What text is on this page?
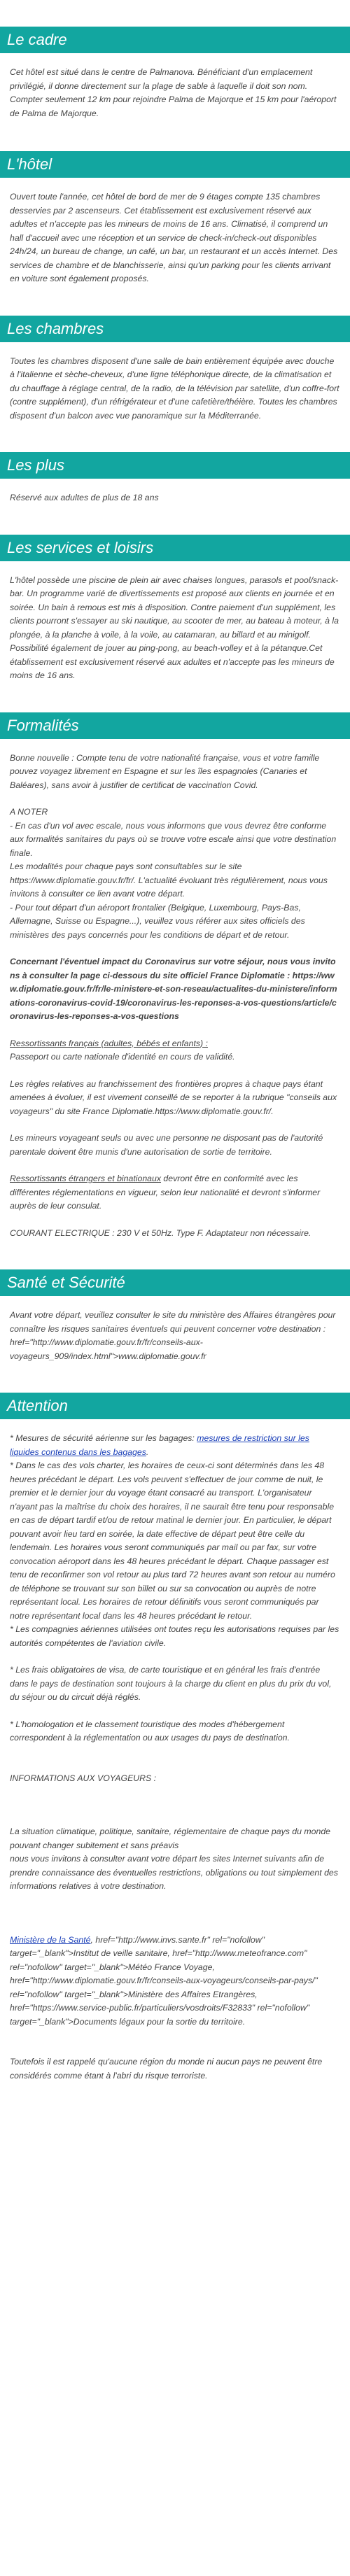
Le cadre

Cet hôtel est situé dans le centre de Palmanova. Bénéficiant d'un emplacement privilégié, il donne directement sur la plage de sable à laquelle il doit son nom. Compter seulement 12 km pour rejoindre Palma de Majorque et 15 km pour l'aéroport de Palma de Majorque.

L'hôtel

Ouvert toute l'année, cet hôtel de bord de mer de 9 étages compte 135 chambres desservies par 2 ascenseurs. Cet établissement est exclusivement réservé aux adultes et n'accepte pas les mineurs de moins de 16 ans. Climatisé, il comprend un hall d'accueil avec une réception et un service de check-in/check-out disponibles 24h/24, un bureau de change, un café, un bar, un restaurant et un accès Internet. Des services de chambre et de blanchisserie, ainsi qu'un parking pour les clients arrivant en voiture sont également proposés.

Les chambres

Toutes les chambres disposent d'une salle de bain entièrement équipée avec douche à l'italienne et sèche-cheveux, d'une ligne téléphonique directe, de la climatisation et du chauffage à réglage central, de la radio, de la télévision par satellite, d'un coffre-fort (contre supplément), d'un réfrigérateur et d'une cafetière/théière. Toutes les chambres disposent d'un balcon avec vue panoramique sur la Méditerranée.

Les plus

Réservé aux adultes de plus de 18 ans

Les services et loisirs

L'hôtel possède une piscine de plein air avec chaises longues, parasols et pool/snack-bar. Un programme varié de divertissements est proposé aux clients en journée et en soirée. Un bain à remous est mis à disposition. Contre paiement d'un supplément, les clients pourront s'essayer au ski nautique, au scooter de mer, au bateau à moteur, à la plongée, à la planche à voile, à la voile, au catamaran, au billard et au minigolf. Possibilité également de jouer au ping-pong, au beach-volley et à la pétanque.Cet établissement est exclusivement réservé aux adultes et n'accepte pas les mineurs de moins de 16 ans.

Formalités

Bonne nouvelle : Compte tenu de votre nationalité française, vous et votre famille pouvez voyagez librement en Espagne et sur les îles espagnoles (Canaries et Baléares), sans avoir à justifier de certificat de vaccination Covid.

A NOTER

- En cas d'un vol avec escale, nous vous informons que vous devrez être conforme aux formalités sanitaires du pays où se trouve votre escale ainsi que votre destination finale.
Les modalités pour chaque pays sont consultables sur le site https://www.diplomatie.gouv.fr/fr/. L'actualité évoluant très régulièrement, nous vous invitons à consulter ce lien avant votre départ.
- Pour tout départ d'un aéroport frontalier (Belgique, Luxembourg, Pays-Bas, Allemagne, Suisse ou Espagne...), veuillez vous référer aux sites officiels des ministères des pays concernés pour les conditions de départ et de retour.

Concernant l'éventuel impact du Coronavirus sur votre séjour, nous vous invitons à consulter la page ci-dessous du site officiel France Diplomatie : https://www.diplomatie.gouv.fr/fr/le-ministere-et-son-reseau/actualites-du-ministere/informations-coronavirus-covid-19/coronavirus-les-reponses-a-vos-questions/article/coronavirus-les-reponses-a-vos-questions

Ressortissants français (adultes, bébés et enfants) :

Passeport ou carte nationale d'identité en cours de validité.

Les règles relatives au franchissement des frontières propres à chaque pays étant amenées à évoluer, il est vivement conseillé de se reporter à la rubrique "conseils aux voyageurs" du site France Diplomatie.https://www.diplomatie.gouv.fr/.

Les mineurs voyageant seuls ou avec une personne ne disposant pas de l'autorité parentale doivent être munis d'une autorisation de sortie de territoire.

Ressortissants étrangers et binationaux devront être en conformité avec les différentes réglementations en vigueur, selon leur nationalité et devront s'informer auprès de leur consulat.

COURANT ELECTRIQUE : 230 V et 50Hz. Type F. Adaptateur non nécessaire.

Santé et Sécurité

Avant votre départ, veuillez consulter le site du ministère des Affaires étrangères pour connaître les risques sanitaires éventuels qui peuvent concerner votre destination : href="http://www.diplomatie.gouv.fr/fr/conseils-aux-voyageurs_909/index.html">www.diplomatie.gouv.fr

Attention

* Mesures de sécurité aérienne sur les bagages: mesures de restriction sur les liquides contenus dans les bagages.

* Dans le cas des vols charter, les horaires de ceux-ci sont déterminés dans les 48 heures précédant le départ. Les vols peuvent s'effectuer de jour comme de nuit, le premier et le dernier jour du voyage étant consacré au transport. L'organisateur n'ayant pas la maîtrise du choix des horaires, il ne saurait être tenu pour responsable en cas de départ tardif et/ou de retour matinal le dernier jour. En particulier, le départ pouvant avoir lieu tard en soirée, la date effective de départ peut être celle du lendemain. Les horaires vous seront communiqués par mail ou par fax, sur votre convocation aéroport dans les 48 heures précédant le départ. Chaque passager est tenu de reconfirmer son vol retour au plus tard 72 heures avant son retour au numéro de téléphone se trouvant sur son billet ou sur sa convocation ou auprès de notre représentant local. Les horaires de retour définitifs vous seront communiqués par notre représentant local dans les 48 heures précédant le retour.
* Les compagnies aériennes utilisées ont toutes reçu les autorisations requises par les autorités compétentes de l'aviation civile.

* Les frais obligatoires de visa, de carte touristique et en général les frais d'entrée dans le pays de destination sont toujours à la charge du client en plus du prix du vol, du séjour ou du circuit déjà réglés.

* L'homologation et le classement touristique des modes d'hébergement correspondent à la réglementation ou aux usages du pays de destination.

INFORMATIONS AUX VOYAGEURS :

La situation climatique, politique, sanitaire, réglementaire de chaque pays du monde pouvant changer subitement et sans préavis
nous vous invitons à consulter avant votre départ les sites Internet suivants afin de prendre connaissance des éventuelles restrictions, obligations ou tout simplement des informations relatives à votre destination.

Ministère de la Santé, href="http://www.invs.sante.fr" rel="nofollow" target="_blank">Institut de veille sanitaire, href="http://www.meteofrance.com" rel="nofollow" target="_blank">Météo France Voyage, href="http://www.diplomatie.gouv.fr/fr/conseils-aux-voyageurs/conseils-par-pays/" rel="nofollow" target="_blank">Ministère des Affaires Etrangères, href="https://www.service-public.fr/particuliers/vosdroits/F32833" rel="nofollow" target="_blank">Documents légaux pour la sortie du territoire.

Toutefois il est rappelé qu'aucune région du monde ni aucun pays ne peuvent être considérés comme étant à l'abri du risque terroriste.
